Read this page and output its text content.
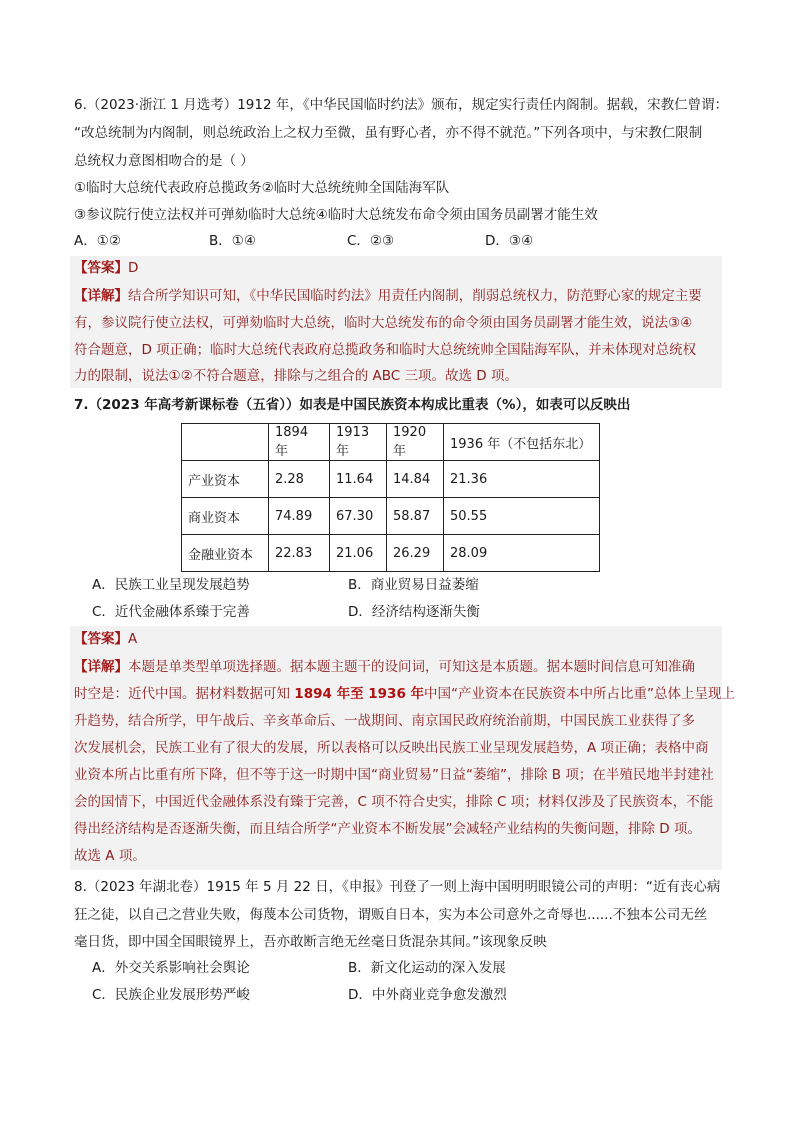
6.（2023·浙江 1 月选考）1912 年，《中华民国临时约法》颁布，规定实行责任内阁制。据载，宋教仁曾谓：
“改总统制为内阁制，则总统政治上之权力至微，虽有野心者，亦不得不就范。”下列各项中，与宋教仁限制
总统权力意图相吻合的是（ ）
①临时大总统代表政府总揽政务②临时大总统统帅全国陆海军队
③参议院行使立法权并可弹劾临时大总统④临时大总统发布命令须由国务员副署才能生效
A．①②	B．①④	C．②③	D．③④
【答案】D
【详解】结合所学知识可知，《中华民国临时约法》用责任内阁制，削弱总统权力，防范野心家的规定主要
有，参议院行使立法权，可弹劾临时大总统，临时大总统发布的命令须由国务员副署才能生效，说法③④
符合题意，D 项正确；临时大总统代表政府总揽政务和临时大总统统帅全国陆海军队，并未体现对总统权
力的限制，说法①②不符合题意，排除与之组合的 ABC 三项。故选 D 项。
7.（2023 年高考新课标卷（五省））如表是中国民族资本构成比重表（%），如表可以反映出
	1894 年	1913 年	1920 年	1936 年（不包括东北）
产业资本	2.28	11.64	14.84	21.36
商业资本	74.89	67.30	58.87	50.55
金融业资本	22.83	21.06	26.29	28.09
A．民族工业呈现发展趋势	B．商业贸易日益萎缩
C．近代金融体系臻于完善	D．经济结构逐渐失衡
【答案】A
【详解】本题是单类型单项选择题。据本题主题干的设问词，可知这是本质题。据本题时间信息可知准确
时空是：近代中国。据材料数据可知 1894 年至 1936 年中国“产业资本在民族资本中所占比重”总体上呈现上
升趋势，结合所学，甲午战后、辛亥革命后、一战期间、南京国民政府统治前期，中国民族工业获得了多
次发展机会，民族工业有了很大的发展，所以表格可以反映出民族工业呈现发展趋势，A 项正确；表格中商
业资本所占比重有所下降，但不等于这一时期中国“商业贸易”日益“萎缩”，排除 B 项；在半殖民地半封建社
会的国情下，中国近代金融体系没有臻于完善，C 项不符合史实，排除 C 项；材料仅涉及了民族资本，不能
得出经济结构是否逐渐失衡，而且结合所学“产业资本不断发展”会减轻产业结构的失衡问题，排除 D 项。
故选 A 项。
8.（2023 年湖北卷）1915 年 5 月 22 日，《申报》刊登了一则上海中国明明眼镜公司的声明：“近有丧心病
狂之徒，以自己之营业失败，侮蔑本公司货物，谓贩自日本，实为本公司意外之奇辱也......不独本公司无丝
毫日货，即中国全国眼镜界上，吾亦敢断言绝无丝毫日货混杂其间。”该现象反映
A．外交关系影响社会舆论	B．新文化运动的深入发展
C．民族企业发展形势严峻	D．中外商业竞争愈发激烈
